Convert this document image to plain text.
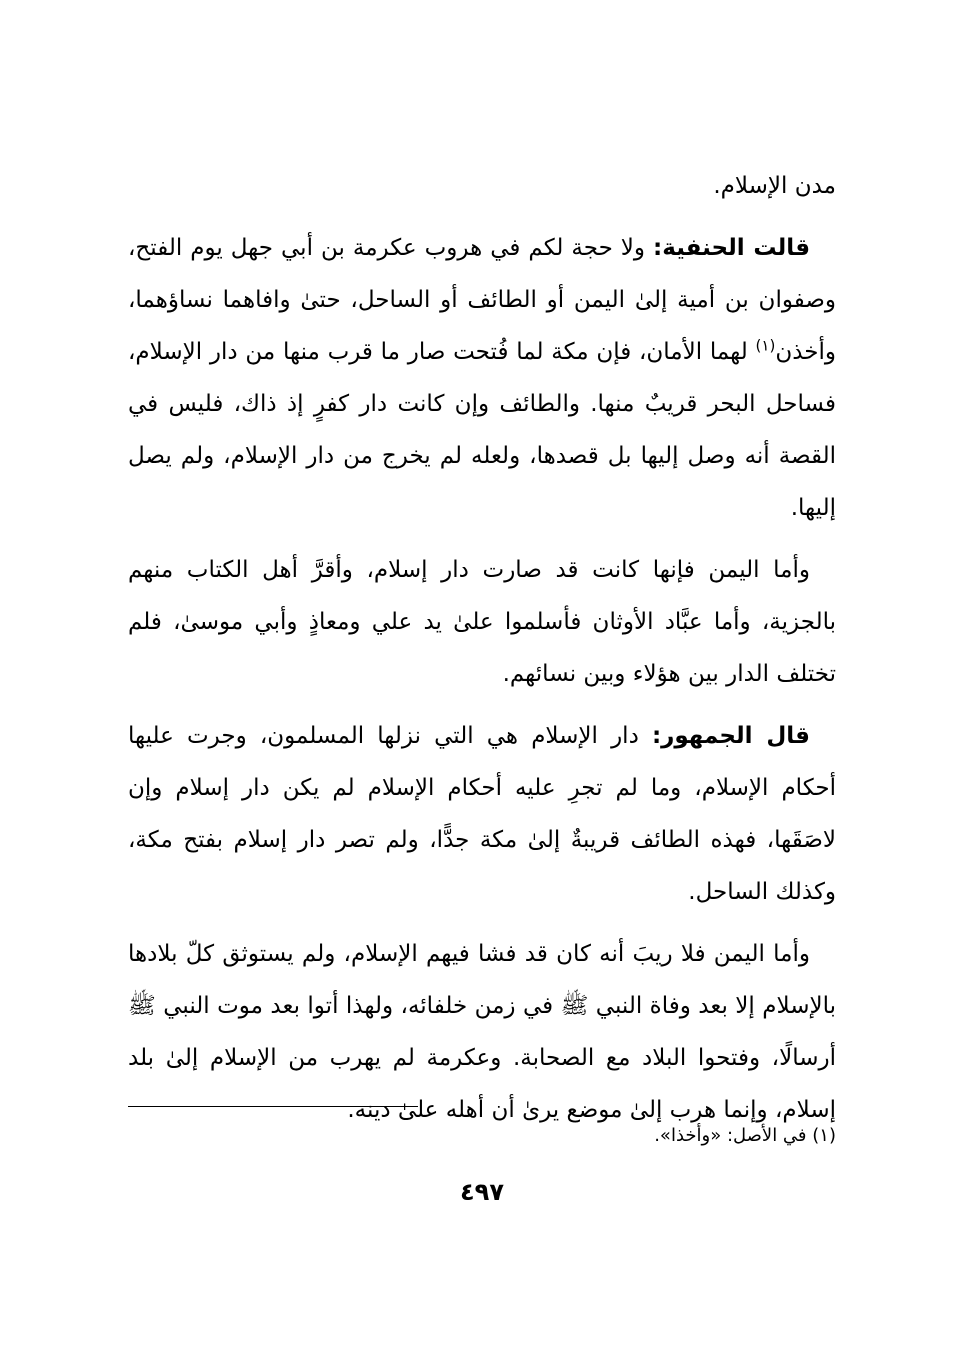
مدن الإسلام.

قالت الحنفية: ولا حجة لكم في هروب عكرمة بن أبي جهل يوم الفتح، وصفوان بن أمية إلىٰ اليمن أو الطائف أو الساحل، حتىٰ وافاهما نساؤهما، وأخذن$^{(١)}$ لهما الأمان، فإن مكة لما فُتحت صار ما قرب منها من دار الإسلام، فساحل البحر قريبٌ منها. والطائف وإن كانت دار كفرٍ إذ ذاك، فليس في القصة أنه وصل إليها بل قصدها، ولعله لم يخرج من دار الإسلام، ولم يصل إليها.

وأما اليمن فإنها كانت قد صارت دار إسلام، وأقرَّ أهل الكتاب منهم بالجزية، وأما عبَّاد الأوثان فأسلموا علىٰ يد علي ومعاذٍ وأبي موسىٰ، فلم تختلف الدار بين هؤلاء وبين نسائهم.

قال الجمهور: دار الإسلام هي التي نزلها المسلمون، وجرت عليها أحكام الإسلام، وما لم تجرِ عليه أحكام الإسلام لم يكن دار إسلام وإن لاصَقَها، فهذه الطائف قريبةٌ إلىٰ مكة جدًّا، ولم تصر دار إسلام بفتح مكة، وكذلك الساحل.

وأما اليمن فلا ريبَ أنه كان قد فشا فيهم الإسلام، ولم يستوثق كلّ بلادها بالإسلام إلا بعد وفاة النبي ﷺ في زمن خلفائه، ولهذا أتوا بعد موت النبي ﷺ أرسالًا، وفتحوا البلاد مع الصحابة. وعكرمة لم يهرب من الإسلام إلىٰ بلد إسلام، وإنما هرب إلىٰ موضع يرىٰ أن أهله علىٰ دينه.

(١) في الأصل: «وأخذا».
٤٩٧
